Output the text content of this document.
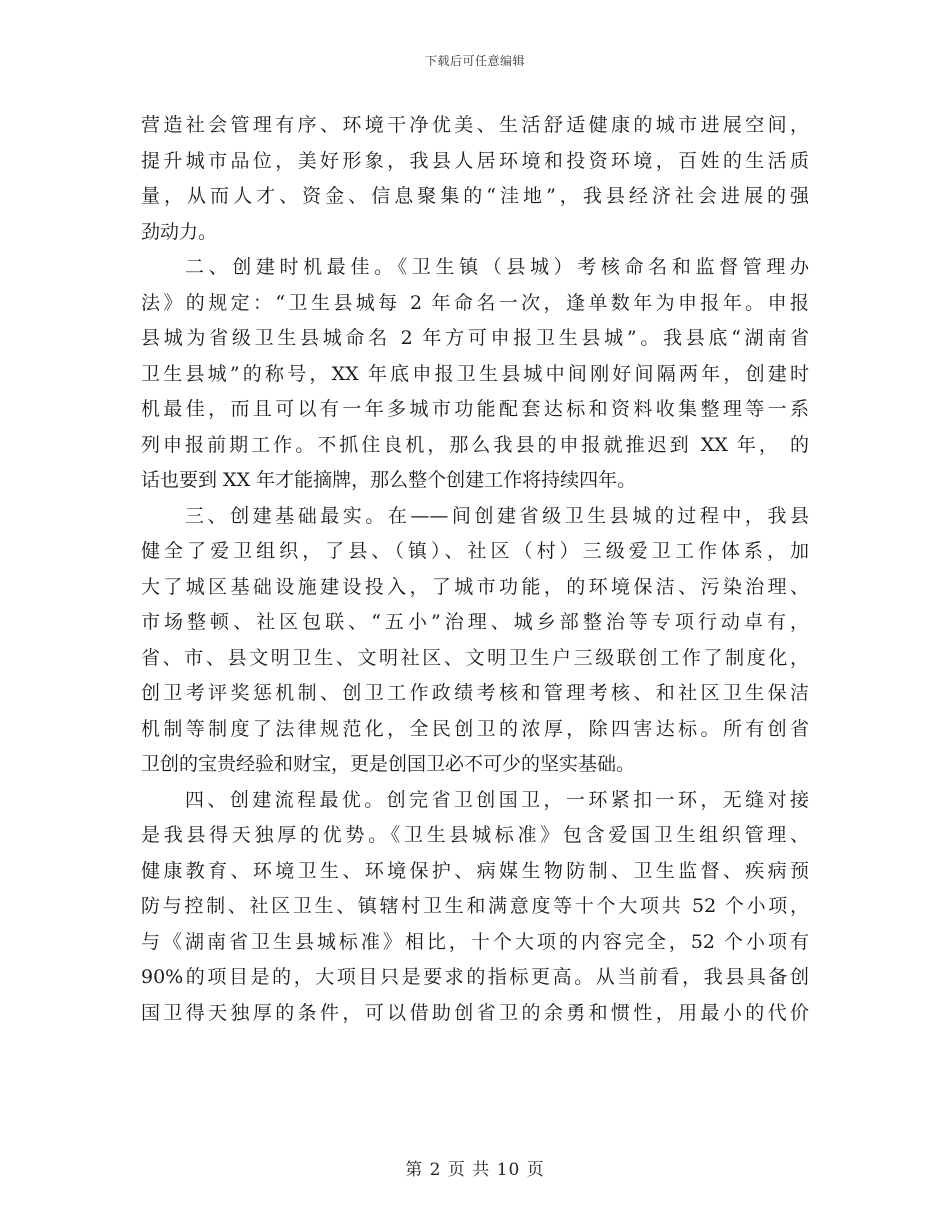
下载后可任意编辑
营造社会管理有序、环境干净优美、生活舒适健康的城市进展空间，
提升城市品位，美好形象，我县人居环境和投资环境，百姓的生活质
量，从而人才、资金、信息聚集的“洼地”，我县经济社会进展的强
劲动力。
二、创建时机最佳。《卫生镇（县城）考核命名和监督管理办
法》的规定：“卫生县城每 2 年命名一次，逢单数年为申报年。申报
县城为省级卫生县城命名 2 年方可申报卫生县城”。我县底“湖南省
卫生县城”的称号，XX 年底申报卫生县城中间刚好间隔两年，创建时
机最佳，而且可以有一年多城市功能配套达标和资料收集整理等一系
列申报前期工作。不抓住良机，那么我县的申报就推迟到 XX 年， 的
话也要到 XX 年才能摘牌，那么整个创建工作将持续四年。
三、创建基础最实。在——间创建省级卫生县城的过程中，我县
健全了爱卫组织，了县、（镇）、社区（村）三级爱卫工作体系，加
大了城区基础设施建设投入，了城市功能，的环境保洁、污染治理、
市场整顿、社区包联、“五小”治理、城乡部整治等专项行动卓有，
省、市、县文明卫生、文明社区、文明卫生户三级联创工作了制度化，
创卫考评奖惩机制、创卫工作政绩考核和管理考核、和社区卫生保洁
机制等制度了法律规范化，全民创卫的浓厚，除四害达标。所有创省
卫创的宝贵经验和财宝，更是创国卫必不可少的坚实基础。
四、创建流程最优。创完省卫创国卫，一环紧扣一环，无缝对接
是我县得天独厚的优势。《卫生县城标准》包含爱国卫生组织管理、
健康教育、环境卫生、环境保护、病媒生物防制、卫生监督、疾病预
防与控制、社区卫生、镇辖村卫生和满意度等十个大项共 52 个小项，
与《湖南省卫生县城标准》相比，十个大项的内容完全，52 个小项有
90%的项目是的，大项目只是要求的指标更高。从当前看，我县具备创
国卫得天独厚的条件，可以借助创省卫的余勇和惯性，用最小的代价
第 2 页 共 10 页
